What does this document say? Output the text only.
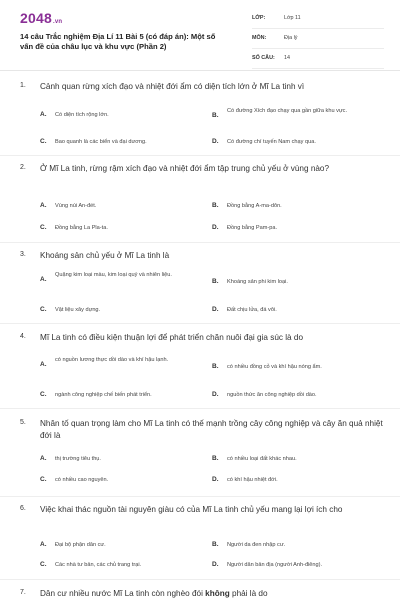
2048.vn
14 câu Trắc nghiệm Địa Lí 11 Bài 5 (có đáp án): Một số vấn đề của châu lục và khu vực (Phần 2)
LỚP:	Lớp 11
MÔN:	Địa lý
SỐ CÂU: 14
1. Cảnh quan rừng xích đạo và nhiệt đới ẩm có diện tích lớn ở Mĩ La tinh vì
A. Có diện tích rộng lớn.	B.
Có đường Xích đạo chạy qua gần giữa khu vực.
C. Bao quanh là các biển và đại dương.	D. Có đường chí tuyến Nam chạy qua.
2. Ở Mĩ La tinh, rừng rậm xích đạo và nhiệt đới ẩm tập trung chủ yếu ở vùng nào?
A. Vùng núi An-đét.	B. Đồng bằng A-ma-dôn.
C. Đồng bằng La Pla-ta.	D. Đồng bằng Pam-pa.
3. Khoáng sản chủ yếu ở Mĩ La tinh là
A.
Quặng kim loại màu, kim loại quý và nhiên liệu.
B. Khoáng sản phi kim loại.
C. Vật liệu xây dựng.	D. Đất chịu lửa, đá vôi.
4. Mĩ La tinh có điều kiện thuận lợi để phát triển chăn nuôi đại gia súc là do
A.
có nguồn lương thực dồi dào và khí hậu lạnh.
B. có nhiều đồng cỏ và khí hậu nóng ẩm.
C. ngành công nghiệp chế biến phát triển.	D. nguồn thức ăn công nghiệp dồi dào.
5. Nhân tố quan trọng làm cho Mĩ La tinh có thế mạnh trồng cây công nghiệp và cây ăn quả nhiệt đới là
A. thị trường tiêu thụ.	B. có nhiều loại đất khác nhau.
C. có nhiều cao nguyên.	D. có khí hậu nhiệt đới.
6. Việc khai thác nguồn tài nguyên giàu có của Mĩ La tinh chủ yếu mang lại lợi ích cho
A. Đại bộ phận dân cư.	B. Người da đen nhập cư.
C. Các nhà tư bản, các chủ trang trại.	D. Người dân bản địa (người Anh-điêng).
7. Dân cư nhiều nước Mĩ La tinh còn nghèo đói không phải là do
